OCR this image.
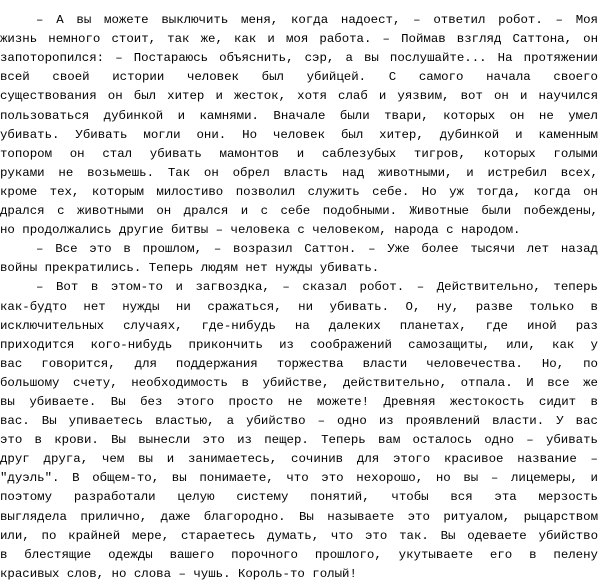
– А вы можете выключить меня, когда надоест, – ответил робот. – Моя
жизнь немного стоит, так же, как и моя работа. – Поймав взгляд Саттона, он
запоторопился: – Постараюсь объяснить, сэр, а вы послушайте... На протяжении
всей своей истории человек был убийцей. С самого начала своего
существования он был хитер и жесток, хотя слаб и уязвим, вот он и научился
пользоваться дубинкой и камнями. Вначале были твари, которых он не умел
убивать. Убивать могли они. Но человек был хитер, дубинкой и каменным
топором он стал убивать мамонтов и саблезубых тигров, которых голыми
руками не возьмешь. Так он обрел власть над животными, и истребил всех,
кроме тех, которым милостиво позволил служить себе. Но уж тогда, когда он
дрался с животными он дрался и с себе подобными. Животные были побеждены,
но продолжались другие битвы – человека с человеком, народа с народом.
– Все это в прошлом, – возразил Саттон. – Уже более тысячи лет назад
войны прекратились. Теперь людям нет нужды убивать.
– Вот в этом-то и загвоздка, – сказал робот. – Действительно, теперь
как-будто нет нужды ни сражаться, ни убивать. О, ну, разве только в
исключительных случаях, где-нибудь на далеких планетах, где иной раз
приходится кого-нибудь прикончить из соображений самозащиты, или, как у
вас говорится, для поддержания торжества власти человечества. Но, по
большому счету, необходимость в убийстве, действительно, отпала. И все же
вы убиваете. Вы без этого просто не можете! Древняя жестокость сидит в
вас. Вы упиваетесь властью, а убийство – одно из проявлений власти. У вас
это в крови. Вы вынесли это из пещер. Теперь вам осталось одно – убивать
друг друга, чем вы и занимаетесь, сочинив для этого красивое название –
"дуэль". В общем-то, вы понимаете, что это нехорошо, но вы – лицемеры, и
поэтому разработали целую систему понятий, чтобы вся эта мерзость
выглядела прилично, даже благородно. Вы называете это ритуалом, рыцарством
или, по крайней мере, стараетесь думать, что это так. Вы одеваете убийство
в блестящие одежды вашего порочного прошлого, укутываете его в пелену
красивых слов, но слова – чушь. Король-то голый!
